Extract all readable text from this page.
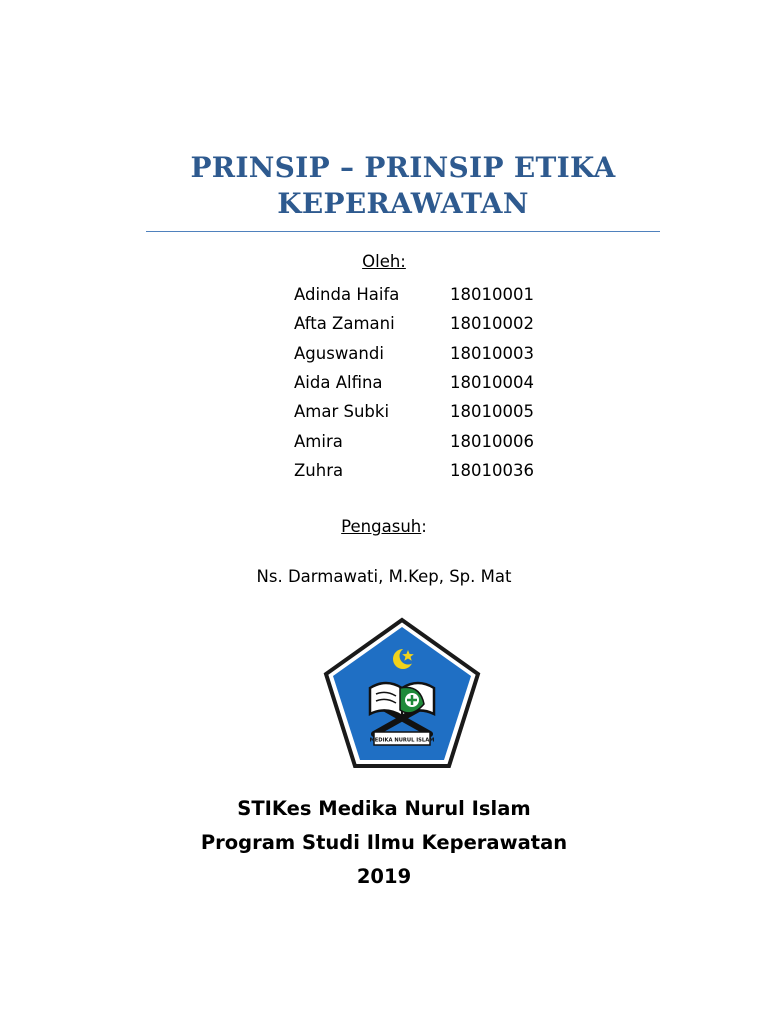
PRINSIP – PRINSIP ETIKA
KEPERAWATAN
Oleh:
Adinda Haifa	18010001
Afta Zamani	18010002
Aguswandi	18010003
Aida Alfina	18010004
Amar Subki	18010005
Amira	18010006
Zuhra	18010036
Pengasuh:
Ns. Darmawati, M.Kep, Sp. Mat
MEDIKA NURUL ISLAM
STIKes Medika Nurul Islam
Program Studi Ilmu Keperawatan
2019
